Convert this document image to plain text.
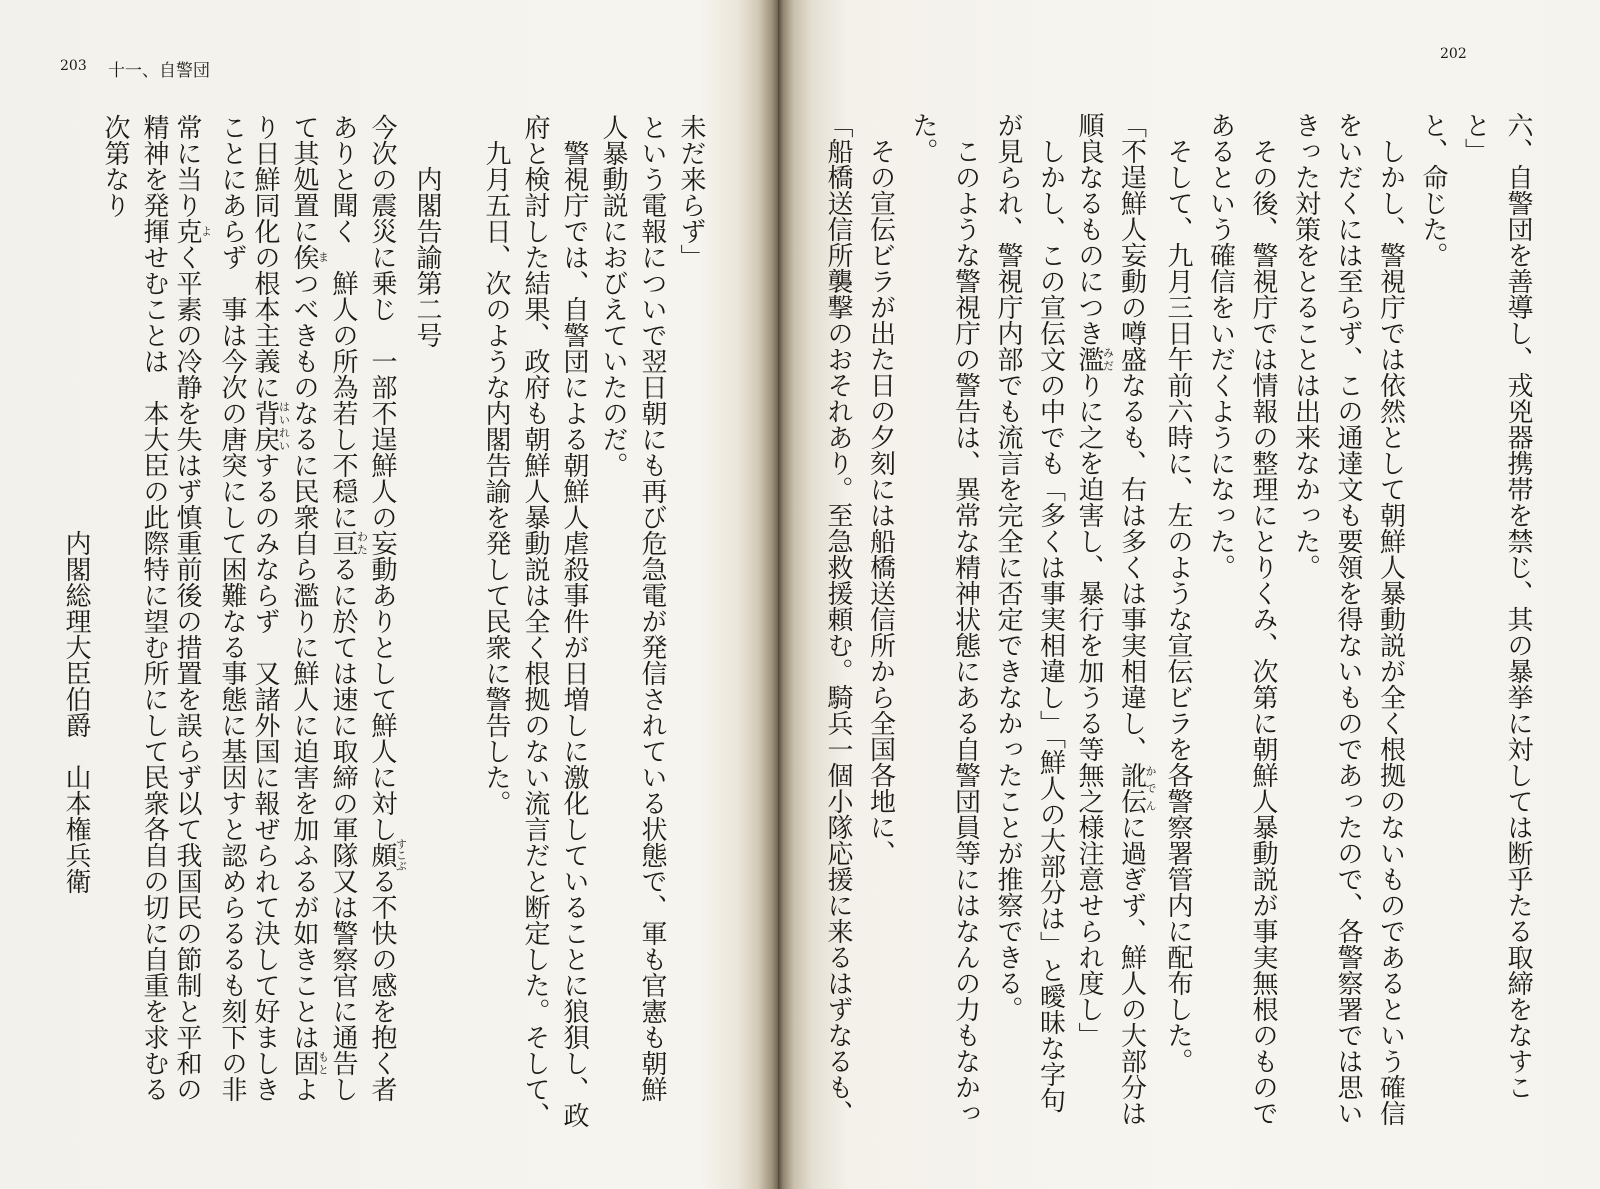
203 十一、自警団
未だ来らず」
という電報についで翌日朝にも再び危急電が発信されている状態で、軍も官憲も朝鮮
人暴動説におびえていたのだ。
警視庁では、自警団による朝鮮人虐殺事件が日増しに激化していることに狼狽し、政
府と検討した結果、政府も朝鮮人暴動説は全く根拠のない流言だと断定した。そして、
九月五日、次のような内閣告諭を発して民衆に警告した。
内閣告諭第二号
今次の震災に乗じ　一部不逞鮮人の妄動ありとして鮮人に対し頗すこぶる不快の感を抱く者
ありと聞く　鮮人の所為若し不穏に亘わたるに於ては速に取締の軍隊又は警察官に通告し
て其処置に俟まつべきものなるに民衆自ら濫りに鮮人に迫害を加ふるが如きことは固もとよ
り日鮮同化の根本主義に背戻はいれいするのみならず　又諸外国に報ぜられて決して好ましき
ことにあらず　事は今次の唐突にして困難なる事態に基因すと認めらるるも刻下の非
常に当り克よく平素の冷静を失はず慎重前後の措置を誤らず以て我国民の節制と平和の
精神を発揮せむことは　本大臣の此際特に望む所にして民衆各自の切に自重を求むる
次第なり
内閣総理大臣伯爵　山本権兵衛
202
六、自警団を善導し、戎兇器携帯を禁じ、其の暴挙に対しては断乎たる取締をなすこ
と」
と、命じた。
しかし、警視庁では依然として朝鮮人暴動説が全く根拠のないものであるという確信
をいだくには至らず、この通達文も要領を得ないものであったので、各警察署では思い
きった対策をとることは出来なかった。
その後、警視庁では情報の整理にとりくみ、次第に朝鮮人暴動説が事実無根のもので
あるという確信をいだくようになった。
そして、九月三日午前六時に、左のような宣伝ビラを各警察署管内に配布した。
「不逞鮮人妄動の噂盛なるも、右は多くは事実相違し、訛伝かでんに過ぎず、鮮人の大部分は
順良なるものにつき濫みだりに之を迫害し、暴行を加うる等無之様注意せられ度し」
しかし、この宣伝文の中でも「多くは事実相違し」「鮮人の大部分は」と曖昧な字句
が見られ、警視庁内部でも流言を完全に否定できなかったことが推察できる。
このような警視庁の警告は、異常な精神状態にある自警団員等にはなんの力もなかっ
た。
その宣伝ビラが出た日の夕刻には船橋送信所から全国各地に、
「船橋送信所襲撃のおそれあり。至急救援頼む。騎兵一個小隊応援に来るはずなるも、
